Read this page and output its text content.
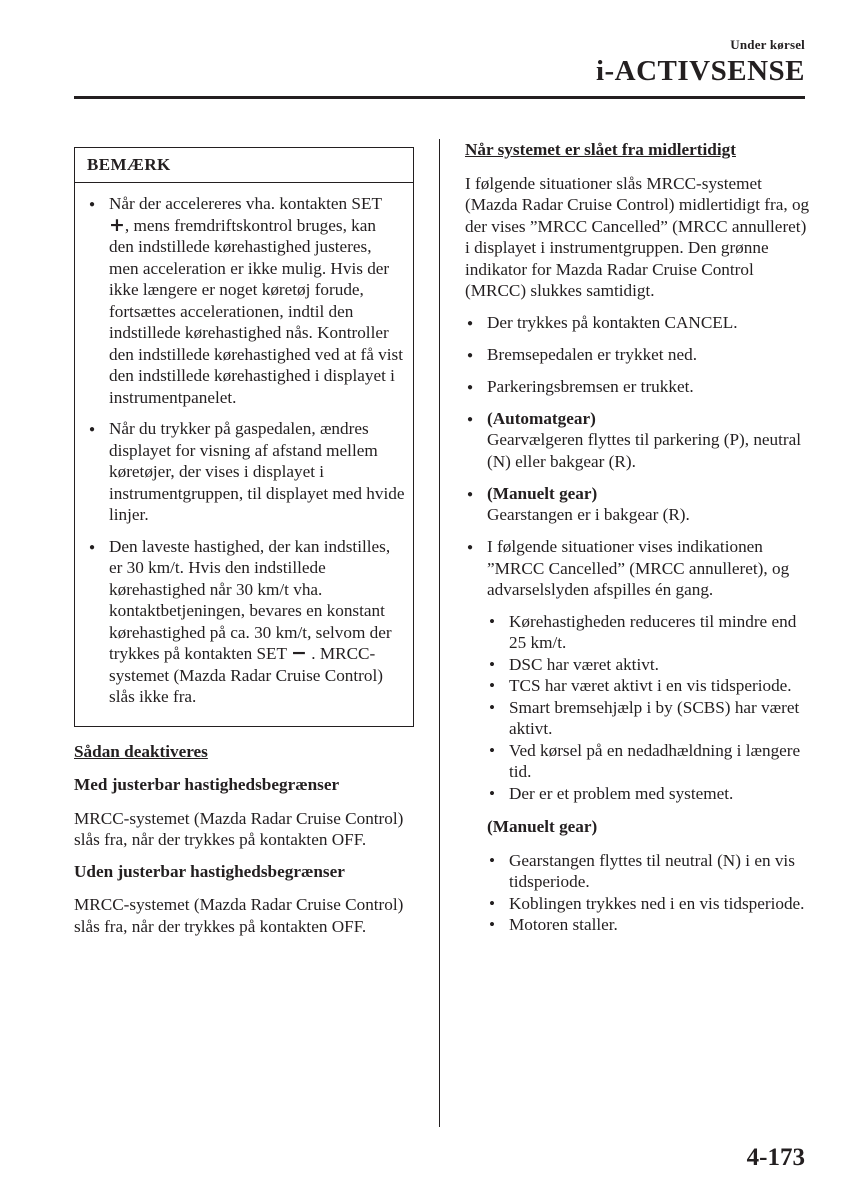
Under kørsel
i-ACTIVSENSE
BEMÆRK
● Når der accelereres vha. kontakten SET +, mens fremdriftskontrol bruges, kan den indstillede kørehastighed justeres, men acceleration er ikke mulig. Hvis der ikke længere er noget køretøj forude, fortsættes accelerationen, indtil den indstillede kørehastighed nås. Kontroller den indstillede kørehastighed ved at få vist den indstillede kørehastighed i displayet i instrumentpanelet.
● Når du trykker på gaspedalen, ændres displayet for visning af afstand mellem køretøjer, der vises i displayet i instrumentgruppen, til displayet med hvide linjer.
● Den laveste hastighed, der kan indstilles, er 30 km/t. Hvis den indstillede kørehastighed når 30 km/t vha. kontaktbetjeningen, bevares en konstant kørehastighed på ca. 30 km/t, selvom der trykkes på kontakten SET − . MRCC-systemet (Mazda Radar Cruise Control) slås ikke fra.
Sådan deaktiveres
Med justerbar hastighedsbegrænser

MRCC-systemet (Mazda Radar Cruise Control) slås fra, når der trykkes på kontakten OFF.

Uden justerbar hastighedsbegrænser

MRCC-systemet (Mazda Radar Cruise Control) slås fra, når der trykkes på kontakten OFF.

Når systemet er slået fra midlertidigt

I følgende situationer slås MRCC-systemet (Mazda Radar Cruise Control) midlertidigt fra, og der vises ”MRCC Cancelled” (MRCC annulleret) i displayet i instrumentgruppen. Den grønne indikator for Mazda Radar Cruise Control (MRCC) slukkes samtidigt.

● Der trykkes på kontakten CANCEL.
● Bremsepedalen er trykket ned.
● Parkeringsbremsen er trukket.
● (Automatgear)
Gearvælgeren flyttes til parkering (P), neutral (N) eller bakgear (R).
● (Manuelt gear)
Gearstangen er i bakgear (R).
● I følgende situationer vises indikationen ”MRCC Cancelled” (MRCC annulleret), og advarselslyden afspilles én gang.
• Kørehastigheden reduceres til mindre end 25 km/t.
• DSC har været aktivt.
• TCS har været aktivt i en vis tidsperiode.
• Smart bremsehjælp i by (SCBS) har været aktivt.
• Ved kørsel på en nedadhældning i længere tid.
• Der er et problem med systemet.
(Manuelt gear)
• Gearstangen flyttes til neutral (N) i en vis tidsperiode.
• Koblingen trykkes ned i en vis tidsperiode.
• Motoren staller.
4-173
